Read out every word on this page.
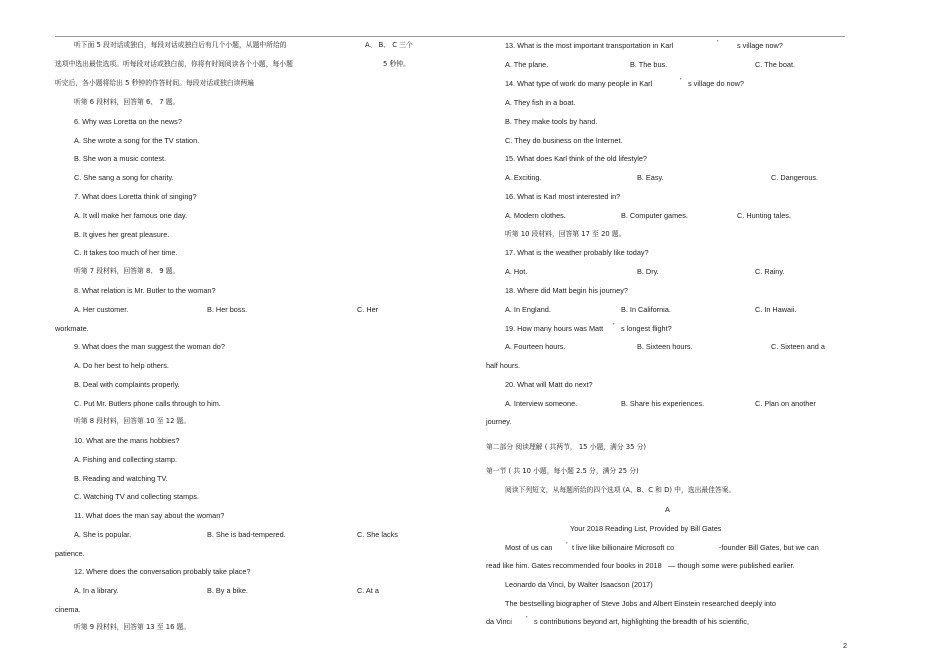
听下面 5 段对话或独白，每段对话或独白后有几个小题，从题中所给的	A、 B、 C 三个
选项中选出最佳选项。听每段对话或独白前，你将有时间阅读各个小题，每小题	5 秒钟。
听完后，各小题将给出 5 秒钟的作答时间。每段对话或独白读两遍
听第 6 段材料，回答第 6、 7 题。
6. Why was Loretta on the news?
A. She wrote a song for the TV station.
B. She won a music contest.
C. She sang a song for charity.
7. What does Loretta think of singing?
A. It will make her famous one day.
B. It gives her great pleasure.
C. It takes too much of her time.
听第 7 段材料，回答第 8、 9 题。
8. What relation is Mr. Butler to the woman?
A. Her customer.	B. Her boss.	C. Her
workmate.
9. What does the man suggest the woman do?
A. Do her best to help others.
B. Deal with complaints properly.
C. Put Mr. Butlers phone calls through to him.
听第 8 段材料，回答第 10 至 12 题。
10. What are the mans hobbies?
A. Fishing and collecting stamp.
B. Reading and watching TV.
C. Watching TV and collecting stamps.
11. What does the man say about the woman?
A. She is popular.	B. She is bad-tempered.	C. She lacks
patience.
12. Where does the conversation probably take place?
A. In a library.	B. By a bike.	C. At a
cinema.
听第 9 段材料，回答第 13 至 16 题。
13. What is the most important transportation in Karl	’	s village now?
A. The plane.	B. The bus.	C. The boat.
14. What type of work do many people in Karl	’ s village do now?
A. They fish in a boat.
B. They make tools by hand.
C. They do business on the Internet.
15. What does Karl think of the old lifestyle?
A. Exciting.	B. Easy.	C. Dangerous.
16. What is Karl most interested in?
A. Modern clothes.	B. Computer games.	C. Hunting tales.
听第 10 段材料，回答第 17 至 20 题。
17. What is the weather probably like today?
A. Hot.	B. Dry.	C. Rainy.
18. Where did Matt begin his journey?
A. In England.	B. In California.	C. In Hawaii.
19. How many hours was Matt ’ s longest flight?
A. Fourteen hours.	B. Sixteen hours.	C. Sixteen and a
half hours.
20. What will Matt do next?
A. Interview someone.	B. Share his experiences.	C. Plan on another
journey.
第二部分 阅读理解 ( 共两节， 15 小题，满分 35 分)
第一节 ( 共 10 小题，每小题 2.5 分，满分 25 分)
阅读下列短文，从每题所给的四个选项 (A、B、C 和 D) 中，选出最佳答案。
A
Your 2018 Reading List, Provided by Bill Gates
Most of us can ’ t live like billionaire Microsoft co	-founder Bill Gates, but we can
read like him. Gates recommended four books in 2018 — though some were published earlier.
Leonardo da Vinci, by Walter Isaacson (2017)
The bestselling biographer of Steve Jobs and Albert Einstein researched deeply into
da Vinci ’ s contributions beyond art, highlighting the breadth of his scientific,
2
